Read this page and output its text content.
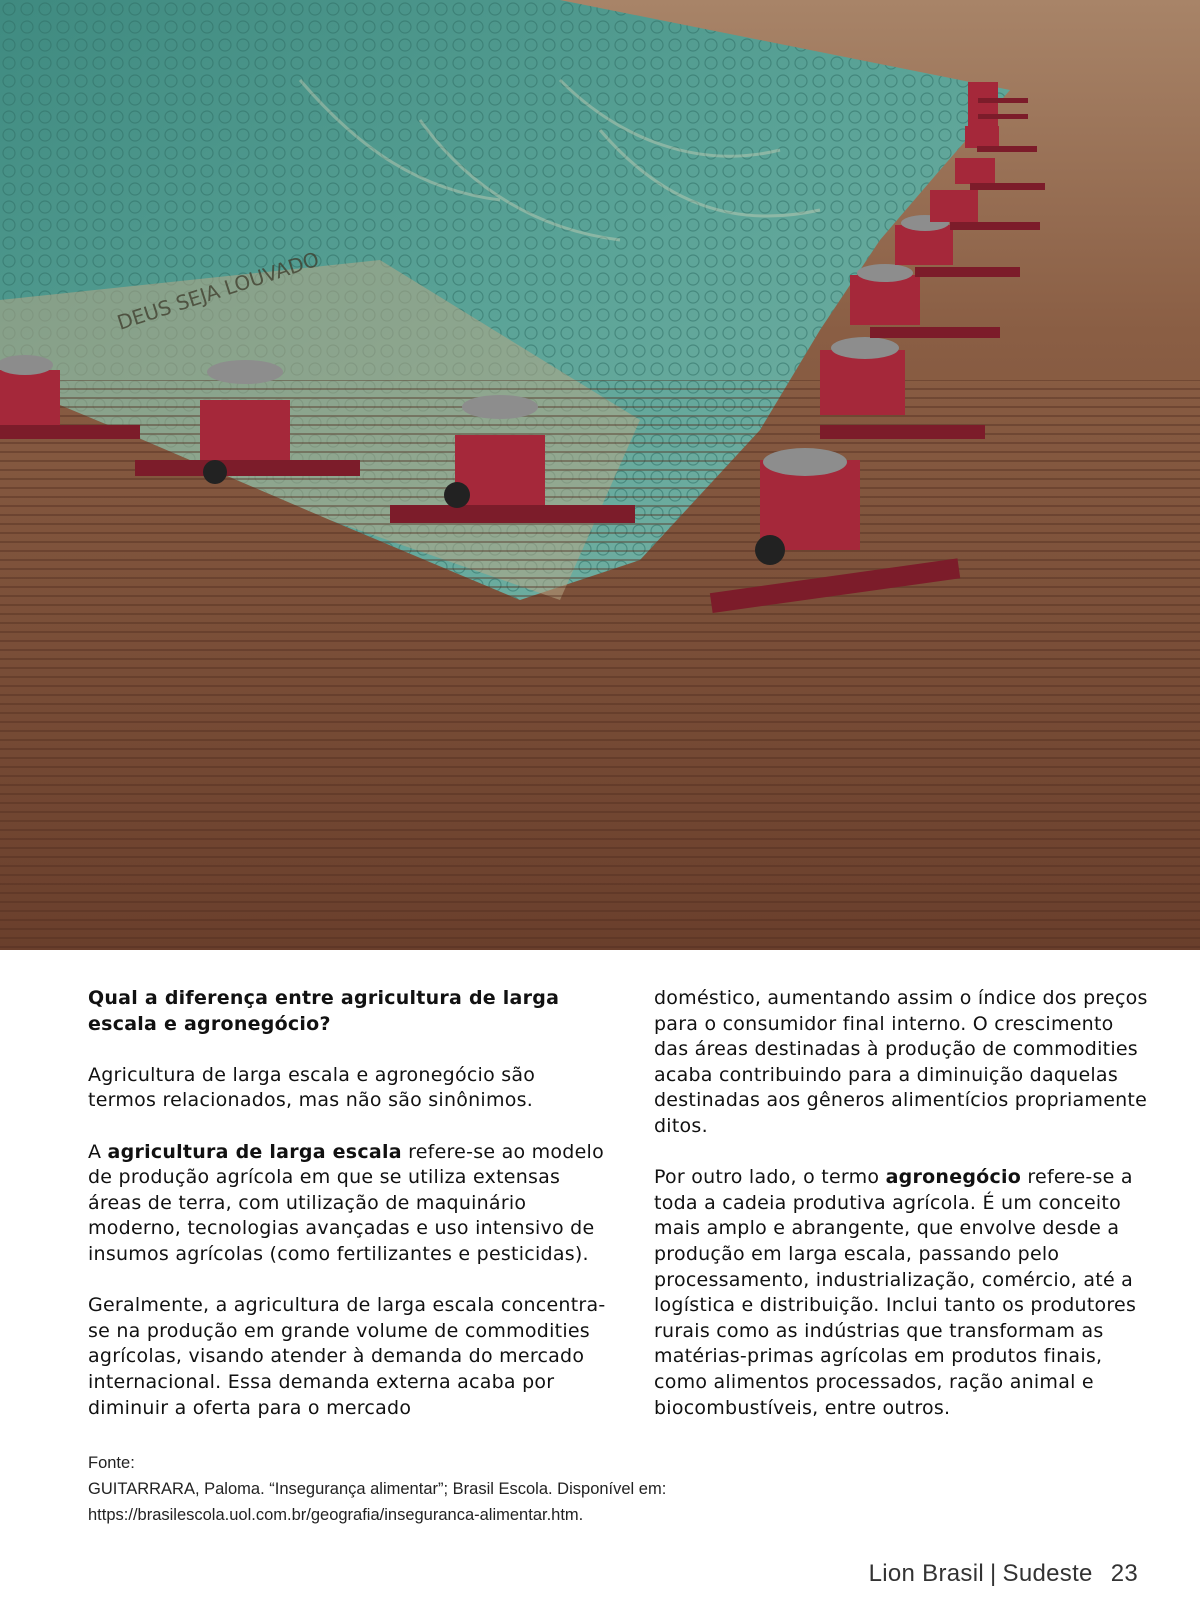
DEUS SEJA LOUVADO

Qual a diferença entre agricultura de larga escala e agronegócio?

Agricultura de larga escala e agronegócio são termos relacionados, mas não são sinônimos.

A agricultura de larga escala refere-se ao modelo de produção agrícola em que se utiliza extensas áreas de terra, com utilização de maquinário moderno, tecnologias avançadas e uso intensivo de insumos agrícolas (como fertilizantes e pesticidas).

Geralmente, a agricultura de larga escala concentra-se na produção em grande volume de commodities agrícolas, visando atender à demanda do mercado internacional. Essa demanda externa acaba por diminuir a oferta para o mercado

doméstico, aumentando assim o índice dos preços para o consumidor final interno. O crescimento das áreas destinadas à produção de commodities acaba contribuindo para a diminuição daquelas destinadas aos gêneros alimentícios propriamente ditos.

Por outro lado, o termo agronegócio refere-se a toda a cadeia produtiva agrícola. É um conceito mais amplo e abrangente, que envolve desde a produção em larga escala, passando pelo processamento, industrialização, comércio, até a logística e distribuição. Inclui tanto os produtores rurais como as indústrias que transformam as matérias-primas agrícolas em produtos finais, como alimentos processados, ração animal e biocombustíveis, entre outros.

Fonte:
GUITARRARA, Paloma. “Insegurança alimentar”; Brasil Escola. Disponível em:
https://brasilescola.uol.com.br/geografia/inseguranca-alimentar.htm.
Lion Brasil | Sudeste 23
